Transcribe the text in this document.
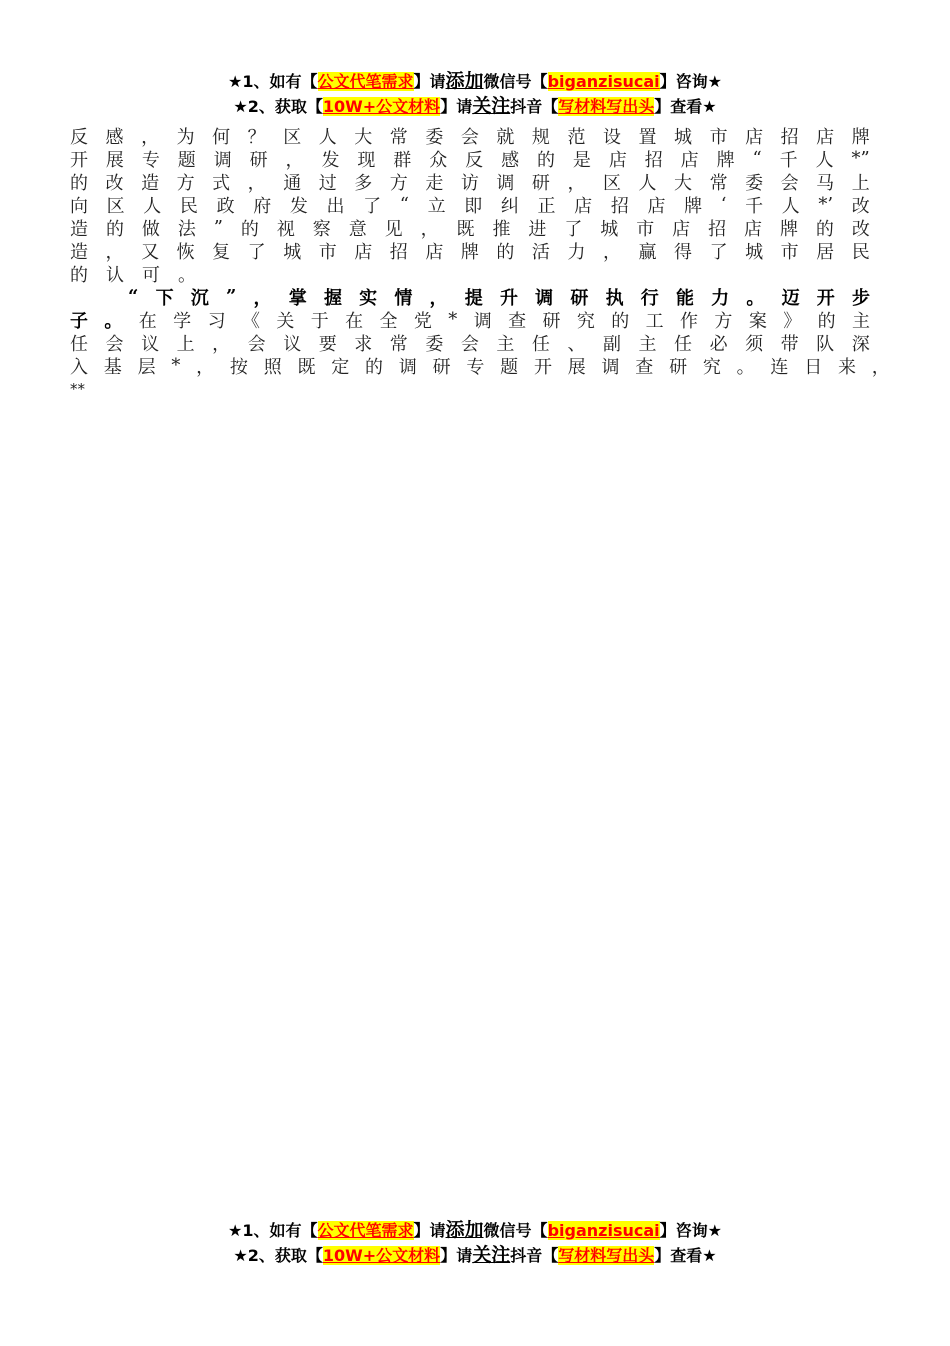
★1、如有【公文代笔需求】请添加微信号【biganzisucai】咨询★
★2、获取【10W+公文材料】请关注抖音【写材料写出头】查看★
反 感 ， 为 何 ？ 区 人 大 常 委 会 就 规 范 设 置 城 市 店 招 店 牌
开 展 专 题 调 研 ， 发 现 群 众 反 感 的 是 店 招 店 牌 “ 千 人 *”
的 改 造 方 式 ， 通 过 多 方 走 访 调 研 ， 区 人 大 常 委 会 马 上
向 区 人 民 政 府 发 出 了 “ 立 即 纠 正 店 招 店 牌 ‘ 千 人 *’ 改
造 的 做 法 ” 的 视 察 意 见 ， 既 推 进 了 城 市 店 招 店 牌 的 改
造 ， 又 恢 复 了 城 市 店 招 店 牌 的 活 力 ， 赢 得 了 城 市 居 民
的 认 可 。
“ 下 沉 ” ， 掌 握 实 情 ， 提 升 调 研 执 行 能 力 。 迈 开 步
子 。 在 学 习 《 关 于 在 全 党 * 调 查 研 究 的 工 作 方 案 》 的 主
任 会 议 上 ， 会 议 要 求 常 委 会 主 任 、 副 主 任 必 须 带 队 深
入 基 层 * ， 按 照 既 定 的 调 研 专 题 开 展 调 查 研 究 。 连 日 来 ，
**
★1、如有【公文代笔需求】请添加微信号【biganzisucai】咨询★
★2、获取【10W+公文材料】请关注抖音【写材料写出头】查看★
